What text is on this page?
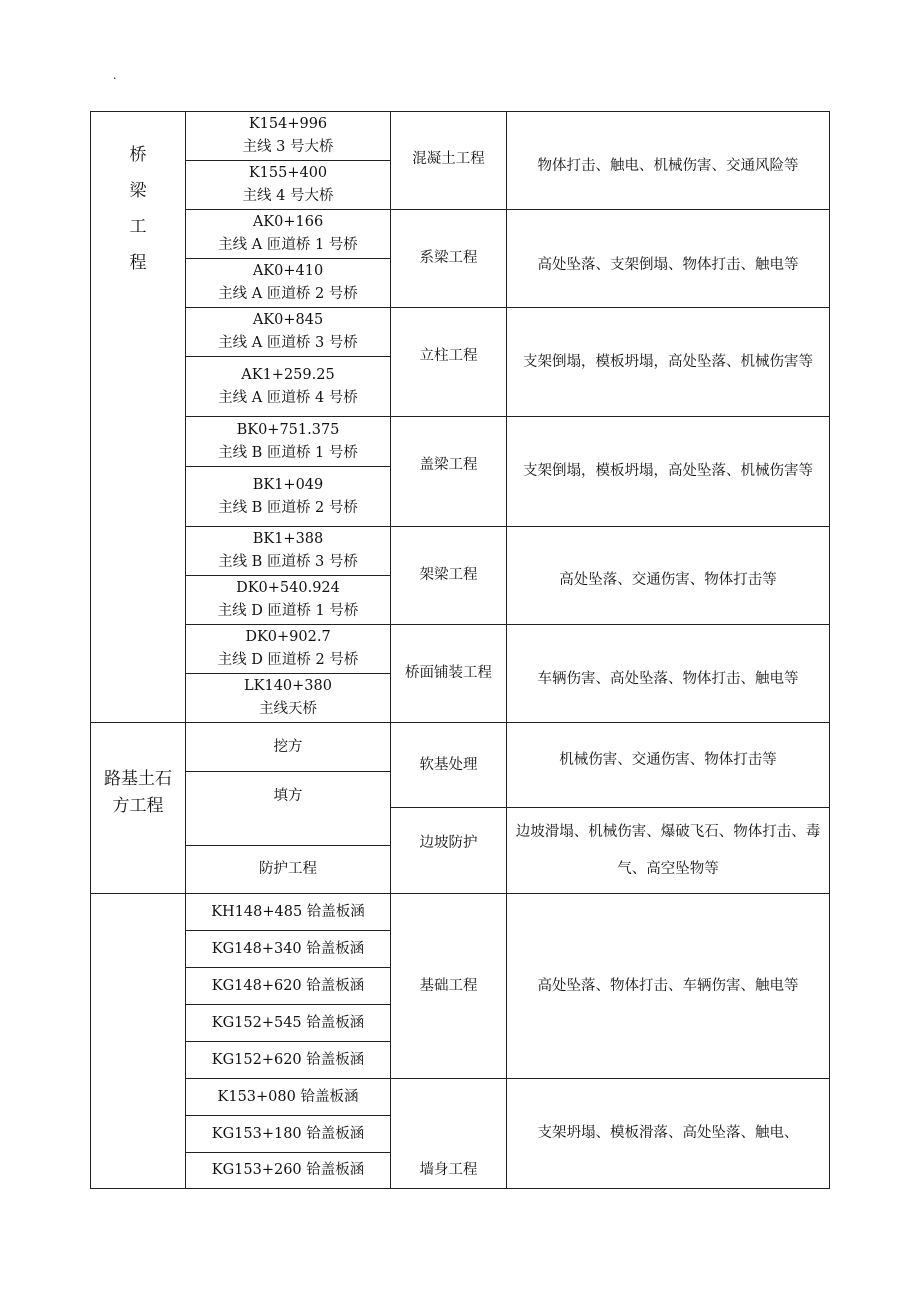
.
桥
梁
工
程
K154+996
主线 3 号大桥
K155+400
主线 4 号大桥
AK0+166
主线 A 匝道桥 1 号桥
AK0+410
主线 A 匝道桥 2 号桥
AK0+845
主线 A 匝道桥 3 号桥
AK1+259.25
主线 A 匝道桥 4 号桥
BK0+751.375
主线 B 匝道桥 1 号桥
BK1+049
主线 B 匝道桥 2 号桥
BK1+388
主线 B 匝道桥 3 号桥
DK0+540.924
主线 D 匝道桥 1 号桥
DK0+902.7
主线 D 匝道桥 2 号桥
LK140+380
主线天桥
混凝土工程
系梁工程
立柱工程
盖梁工程
架梁工程
桥面铺装工程
物体打击、触电、机械伤害、交通风险等
高处坠落、支架倒塌、物体打击、触电等
支架倒塌，模板坍塌，高处坠落、机械伤害等
支架倒塌，模板坍塌，高处坠落、机械伤害等
高处坠落、交通伤害、物体打击等
车辆伤害、高处坠落、物体打击、触电等
路基土石
方工程
挖方
填方
防护工程
软基处理
边坡防护
机械伤害、交通伤害、物体打击等
边坡滑塌、机械伤害、爆破飞石、物体打击、毒气、高空坠物等
KH148+485 铪盖板涵
KG148+340 铪盖板涵
KG148+620 铪盖板涵
KG152+545 铪盖板涵
KG152+620 铪盖板涵
K153+080 铪盖板涵
KG153+180 铪盖板涵
KG153+260 铪盖板涵
基础工程
墙身工程
高处坠落、物体打击、车辆伤害、触电等
支架坍塌、模板滑落、高处坠落、触电、
